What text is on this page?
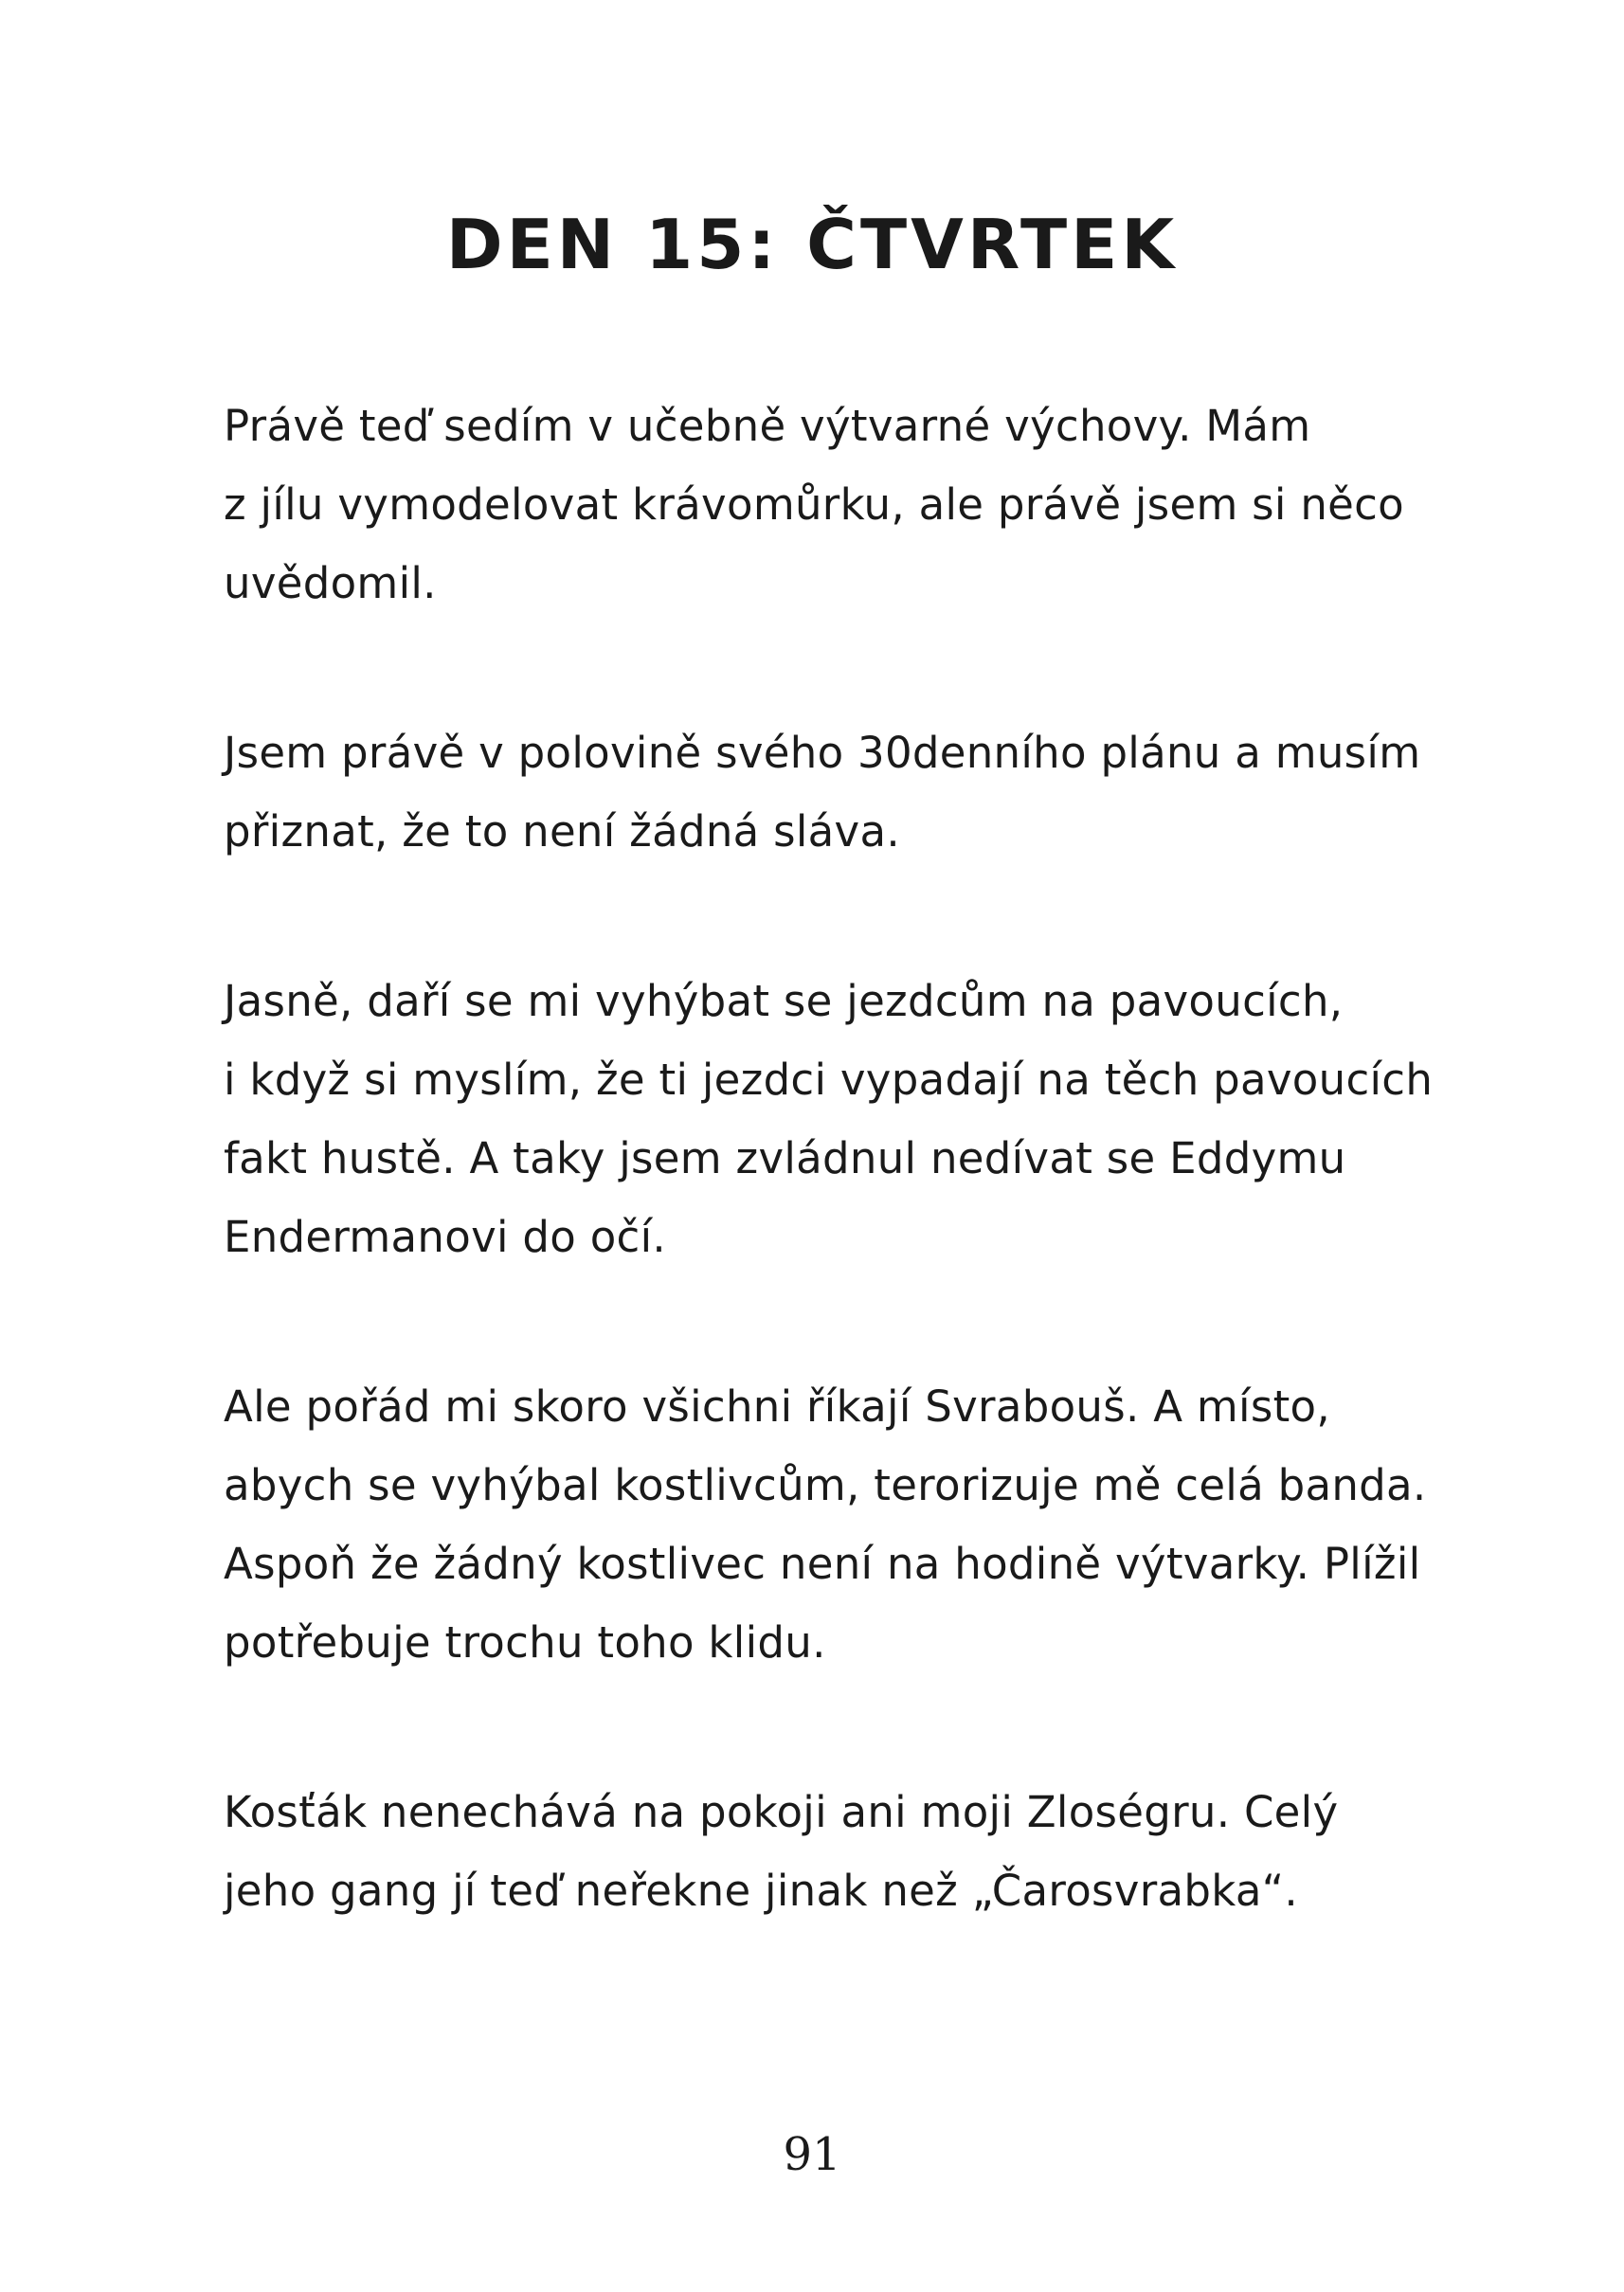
DEN 15: ČTVRTEK

Právě teď sedím v učebně výtvarné výchovy. Mám
z jílu vymodelovat krávomůrku, ale právě jsem si něco
uvědomil.

Jsem právě v polovině svého 30denního plánu a musím
přiznat, že to není žádná sláva.

Jasně, daří se mi vyhýbat se jezdcům na pavoucích,
i když si myslím, že ti jezdci vypadají na těch pavoucích
fakt hustě. A taky jsem zvládnul nedívat se Eddymu
Endermanovi do očí.

Ale pořád mi skoro všichni říkají Svrabouš. A místo,
abych se vyhýbal kostlivcům, terorizuje mě celá banda.
Aspoň že žádný kostlivec není na hodině výtvarky. Plížil
potřebuje trochu toho klidu.

Kosťák nenechává na pokoji ani moji Zloségru. Celý
jeho gang jí teď neřekne jinak než „Čarosvrabka“.

91
